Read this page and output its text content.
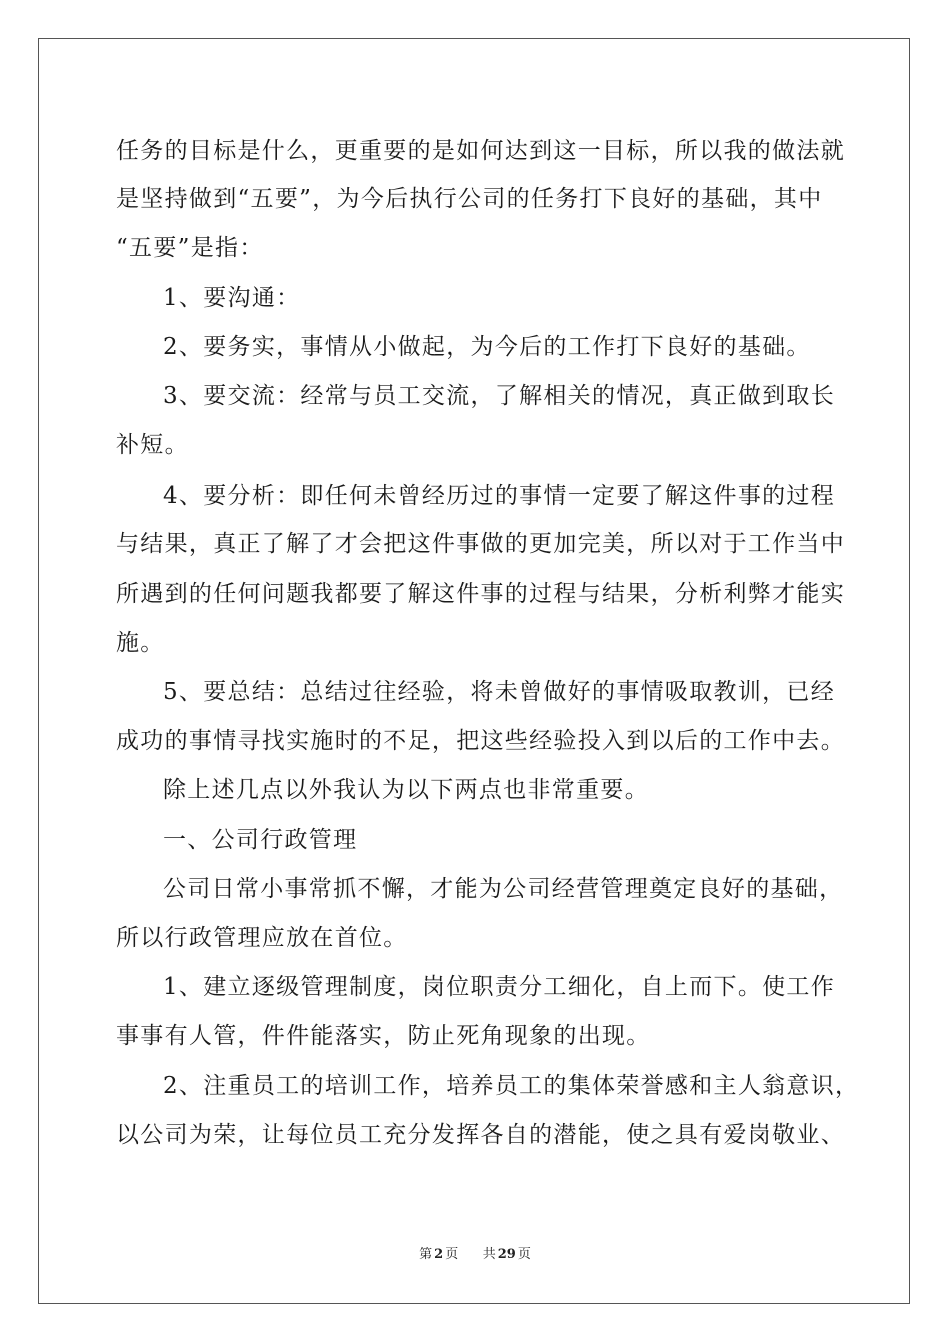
任务的目标是什么，更重要的是如何达到这一目标，所以我的做法就
是坚持做到“五要”，为今后执行公司的任务打下良好的基础，其中
“五要”是指：
1、要沟通：
2、要务实，事情从小做起，为今后的工作打下良好的基础。
3、要交流：经常与员工交流，了解相关的情况，真正做到取长
补短。
4、要分析：即任何未曾经历过的事情一定要了解这件事的过程
与结果，真正了解了才会把这件事做的更加完美，所以对于工作当中
所遇到的任何问题我都要了解这件事的过程与结果，分析利弊才能实
施。
5、要总结：总结过往经验，将未曾做好的事情吸取教训，已经
成功的事情寻找实施时的不足，把这些经验投入到以后的工作中去。
除上述几点以外我认为以下两点也非常重要。
一、公司行政管理
公司日常小事常抓不懈，才能为公司经营管理奠定良好的基础，
所以行政管理应放在首位。
1、建立逐级管理制度，岗位职责分工细化，自上而下。使工作
事事有人管，件件能落实，防止死角现象的出现。
2、注重员工的培训工作，培养员工的集体荣誉感和主人翁意识，
以公司为荣，让每位员工充分发挥各自的潜能，使之具有爱岗敬业、
第 2 页 共 29 页
